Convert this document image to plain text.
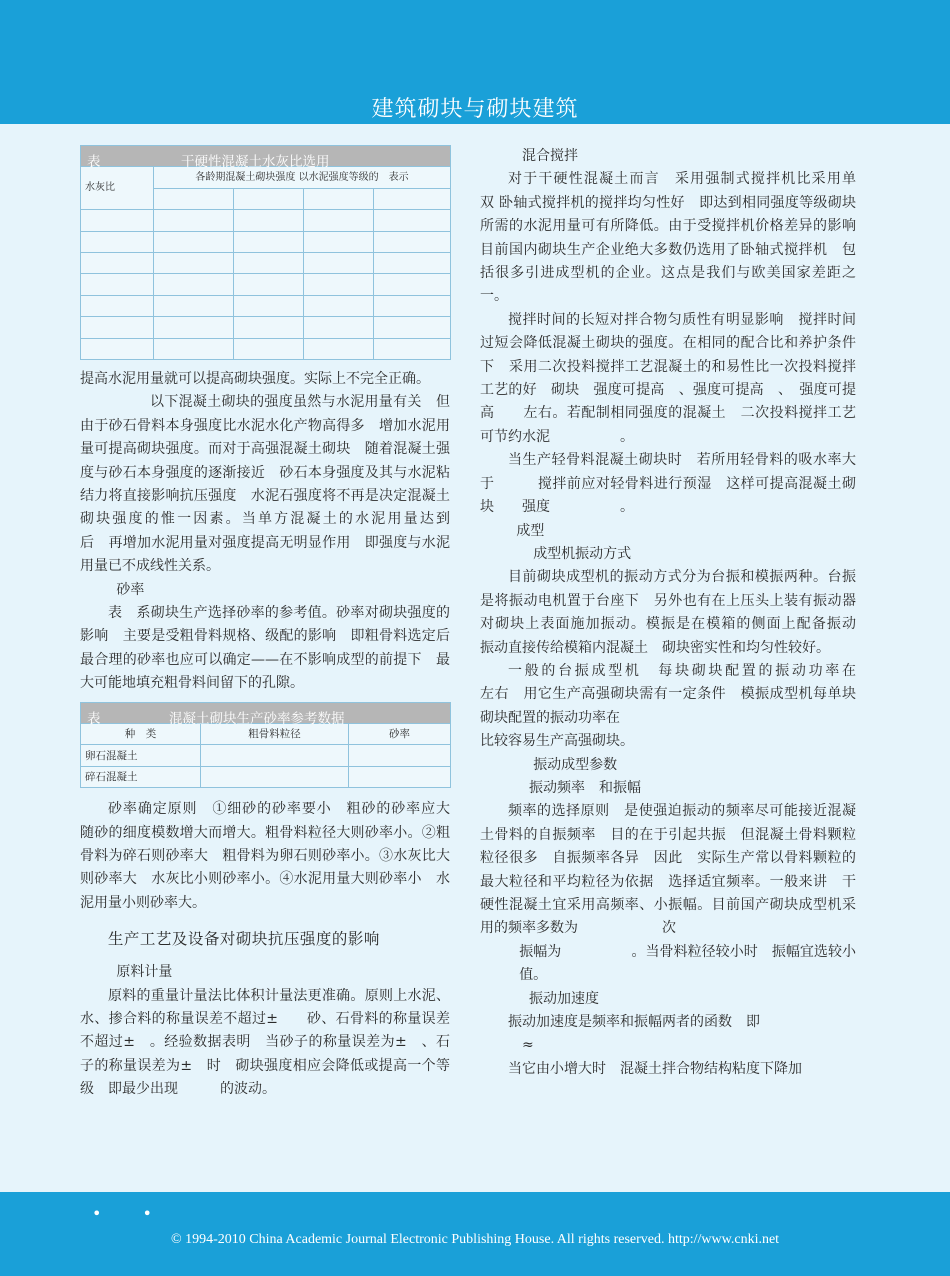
建筑砌块与砌块建筑
表 干硬性混凝土水灰比选用				

水灰比	各龄期混凝土砌块强度 以水泥强度等级的　表示			

提高水泥用量就可以提高砌块强度。实际上不完全正确。

以下混凝土砌块的强度虽然与水泥用量有关　但由于砂石骨料本身强度比水泥水化产物高得多　增加水泥用量可提高砌块强度。而对于高强混凝土砌块　随着混凝土强度与砂石本身强度的逐渐接近　砂石本身强度及其与水泥粘结力将直接影响抗压强度　水泥石强度将不再是决定混凝土砌块强度的惟一因素。当单方混凝土的水泥用量达到　　　后　再增加水泥用量对强度提高无明显作用　即强度与水泥用量已不成线性关系。

砂率

表　系砌块生产选择砂率的参考值。砂率对砌块强度的影响　主要是受粗骨料规格、级配的影响　即粗骨料选定后　最合理的砂率也应可以确定——在不影响成型的前提下　最大可能地填充粗骨料间留下的孔隙。

表 混凝土砌块生产砂率参考数据		

种　类	粗骨料粒径	砂率
卵石混凝土		
碎石混凝土		

砂率确定原则　①细砂的砂率要小　粗砂的砂率应大　随砂的细度模数增大而增大。粗骨料粒径大则砂率小。②粗骨料为碎石则砂率大　粗骨料为卵石则砂率小。③水灰比大则砂率大　水灰比小则砂率小。④水泥用量大则砂率小　水泥用量小则砂率大。

生产工艺及设备对砌块抗压强度的影响

原料计量

原料的重量计量法比体积计量法更准确。原则上水泥、水、掺合料的称量误差不超过±　　砂、石骨料的称量误差不超过±　。经验数据表明　当砂子的称量误差为±　、石子的称量误差为±　时　砌块强度相应会降低或提高一个等级　即最少出现　　　的波动。

混合搅拌

对于干硬性混凝土而言　采用强制式搅拌机比采用单　双 卧轴式搅拌机的搅拌均匀性好　即达到相同强度等级砌块所需的水泥用量可有所降低。由于受搅拌机价格差异的影响　目前国内砌块生产企业绝大多数仍选用了卧轴式搅拌机　包括很多引进成型机的企业。这点是我们与欧美国家差距之一。

搅拌时间的长短对拌合物匀质性有明显影响　搅拌时间过短会降低混凝土砌块的强度。在相同的配合比和养护条件下　采用二次投料搅拌工艺混凝土的和易性比一次投料搅拌工艺的好　砌块　强度可提高　、强度可提高　、　强度可提高　　左右。若配制相同强度的混凝土　二次投料搅拌工艺可节约水泥　　　　　。

当生产轻骨料混凝土砌块时　若所用轻骨料的吸水率大于　　　搅拌前应对轻骨料进行预湿　这样可提高混凝土砌块　　强度　　　　　。

成型

成型机振动方式

目前砌块成型机的振动方式分为台振和模振两种。台振是将振动电机置于台座下　另外也有在上压头上装有振动器　对砌块上表面施加振动。模振是在模箱的侧面上配备振动　振动直接传给模箱内混凝土　砌块密实性和均匀性较好。

一般的台振成型机　每块砌块配置的振动功率在　　　　左右　用它生产高强砌块需有一定条件　模振成型机每单块砌块配置的振动功率在

比较容易生产高强砌块。

振动成型参数

振动频率　和振幅

频率的选择原则　是使强迫振动的频率尽可能接近混凝土骨料的自振频率　目的在于引起共振　但混凝土骨料颗粒粒径很多　自振频率各异　因此　实际生产常以骨料颗粒的最大粒径和平均粒径为依据　选择适宜频率。一般来讲　干硬性混凝土宜采用高频率、小振幅。目前国产砌块成型机采用的频率多数为　　　　　　次

振幅为　　　　　。当骨料粒径较小时　振幅宜选较小值。

振动加速度

振动加速度是频率和振幅两者的函数　即

≈

当它由小增大时　混凝土拌合物结构粘度下降加

• •
© 1994-2010 China Academic Journal Electronic Publishing House. All rights reserved. http://www.cnki.net
